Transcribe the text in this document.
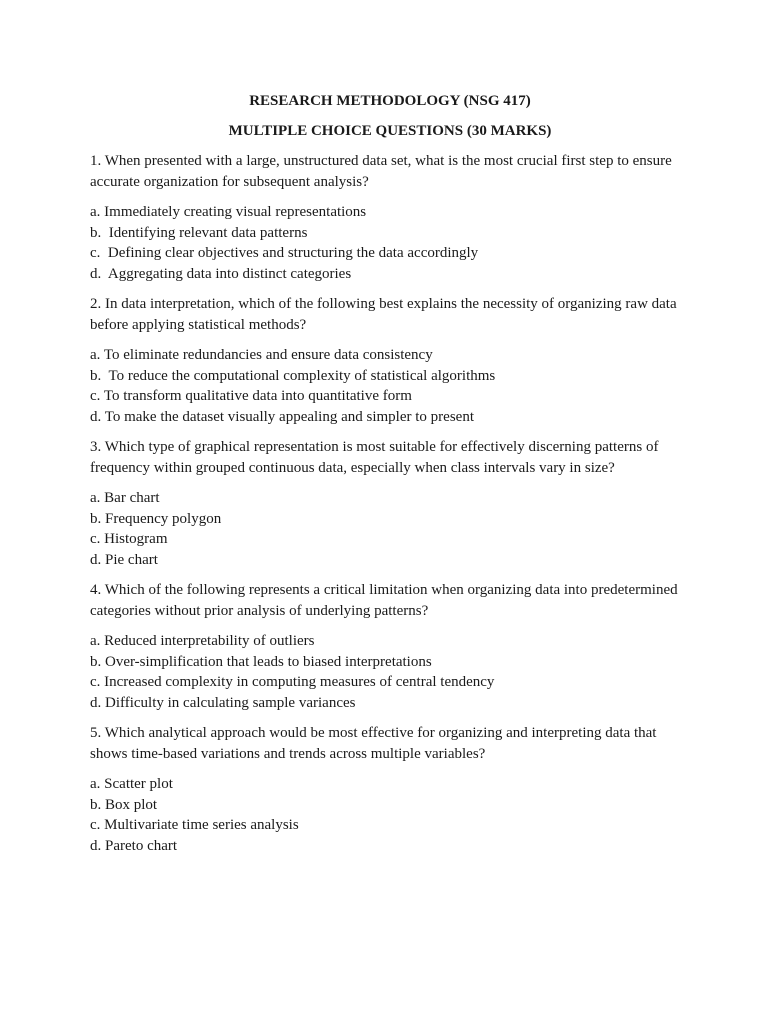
RESEARCH METHODOLOGY (NSG 417)

MULTIPLE CHOICE QUESTIONS (30 MARKS)

1. When presented with a large, unstructured data set, what is the most crucial first step to ensure accurate organization for subsequent analysis?

a. Immediately creating visual representations
b.  Identifying relevant data patterns
c.  Defining clear objectives and structuring the data accordingly
d.  Aggregating data into distinct categories

2. In data interpretation, which of the following best explains the necessity of organizing raw data before applying statistical methods?

a. To eliminate redundancies and ensure data consistency
b.  To reduce the computational complexity of statistical algorithms
c. To transform qualitative data into quantitative form
d. To make the dataset visually appealing and simpler to present

3. Which type of graphical representation is most suitable for effectively discerning patterns of frequency within grouped continuous data, especially when class intervals vary in size?

a. Bar chart
b. Frequency polygon
c. Histogram
d. Pie chart

4. Which of the following represents a critical limitation when organizing data into predetermined categories without prior analysis of underlying patterns?

a. Reduced interpretability of outliers
b. Over-simplification that leads to biased interpretations
c. Increased complexity in computing measures of central tendency
d. Difficulty in calculating sample variances

5. Which analytical approach would be most effective for organizing and interpreting data that shows time-based variations and trends across multiple variables?

a. Scatter plot
b. Box plot
c. Multivariate time series analysis
d. Pareto chart
